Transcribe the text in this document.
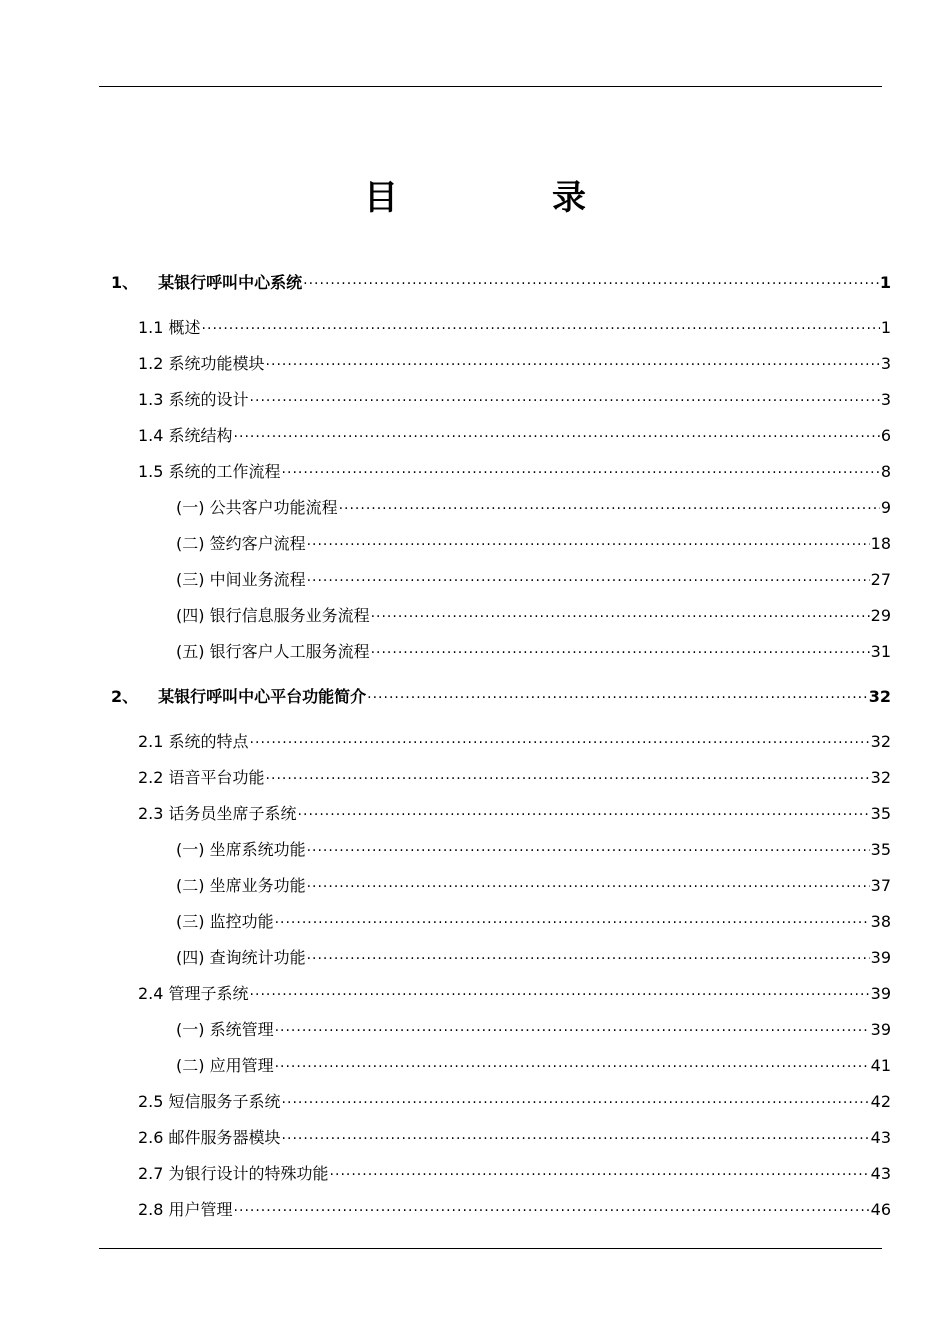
目　录
1、 某银行呼叫中心系统 .....	1
1.1 概述 .....	1
1.2 系统功能模块 .....	3
1.3 系统的设计 .....	3
1.4 系统结构 .....	6
1.5 系统的工作流程 .....	8
(一) 公共客户功能流程 .....	9
(二) 签约客户流程 .....	18
(三) 中间业务流程 .....	27
(四) 银行信息服务业务流程 .....	29
(五) 银行客户人工服务流程 .....	31
2、 某银行呼叫中心平台功能简介 .....	32
2.1 系统的特点 .....	32
2.2 语音平台功能 .....	32
2.3 话务员坐席子系统 .....	35
(一) 坐席系统功能 .....	35
(二) 坐席业务功能 .....	37
(三) 监控功能 .....	38
(四) 查询统计功能 .....	39
2.4 管理子系统 .....	39
(一) 系统管理 .....	39
(二) 应用管理 .....	41
2.5 短信服务子系统 .....	42
2.6 邮件服务器模块 .....	43
2.7 为银行设计的特殊功能 .....	43
2.8 用户管理 .....	46
